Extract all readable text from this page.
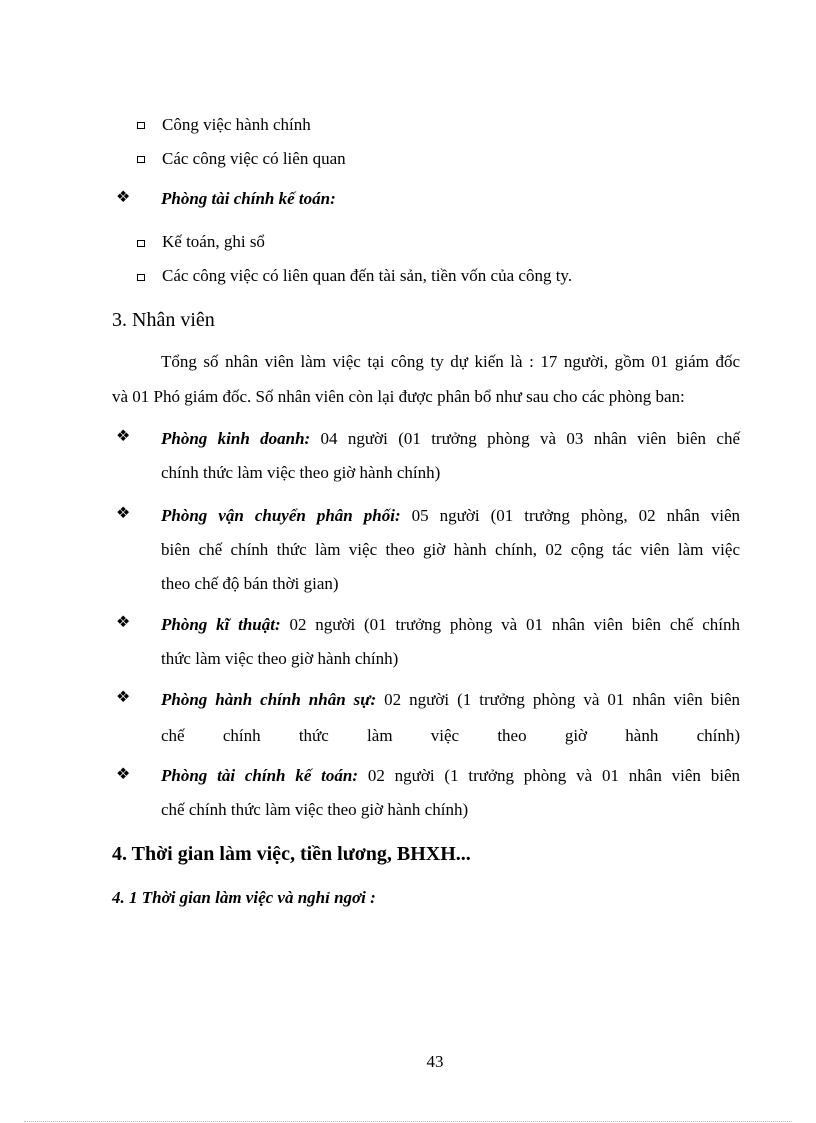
Công việc hành chính
Các công việc có liên quan
❖ Phòng tài chính kế toán:
Kế toán, ghi sổ
Các công việc có liên quan đến tài sản, tiền vốn của công ty.
3. Nhân viên
Tổng số nhân viên làm việc tại công ty dự kiến là : 17 người, gồm 01 giám đốc
và 01 Phó giám đốc. Số nhân viên còn lại được phân bổ như sau cho các phòng ban:
❖ Phòng kinh doanh: 04 người (01 trưởng phòng và 03 nhân viên biên chế
chính thức làm việc theo giờ hành chính)
❖ Phòng vận chuyển phân phối: 05 người (01 trưởng phòng, 02 nhân viên
biên chế chính thức làm việc theo giờ hành chính, 02 cộng tác viên làm việc
theo chế độ bán thời gian)
❖ Phòng kĩ thuật: 02 người (01 trưởng phòng và 01 nhân viên biên chế chính
thức làm việc theo giờ hành chính)
❖ Phòng hành chính nhân sự: 02 người (1 trưởng phòng và 01 nhân viên biên
chế chính thức làm việc theo giờ hành chính)
❖ Phòng tài chính kế toán: 02 người (1 trưởng phòng và 01 nhân viên biên
chế chính thức làm việc theo giờ hành chính)
4. Thời gian làm việc, tiền lương, BHXH...
4. 1 Thời gian làm việc và nghỉ ngơi :
43
